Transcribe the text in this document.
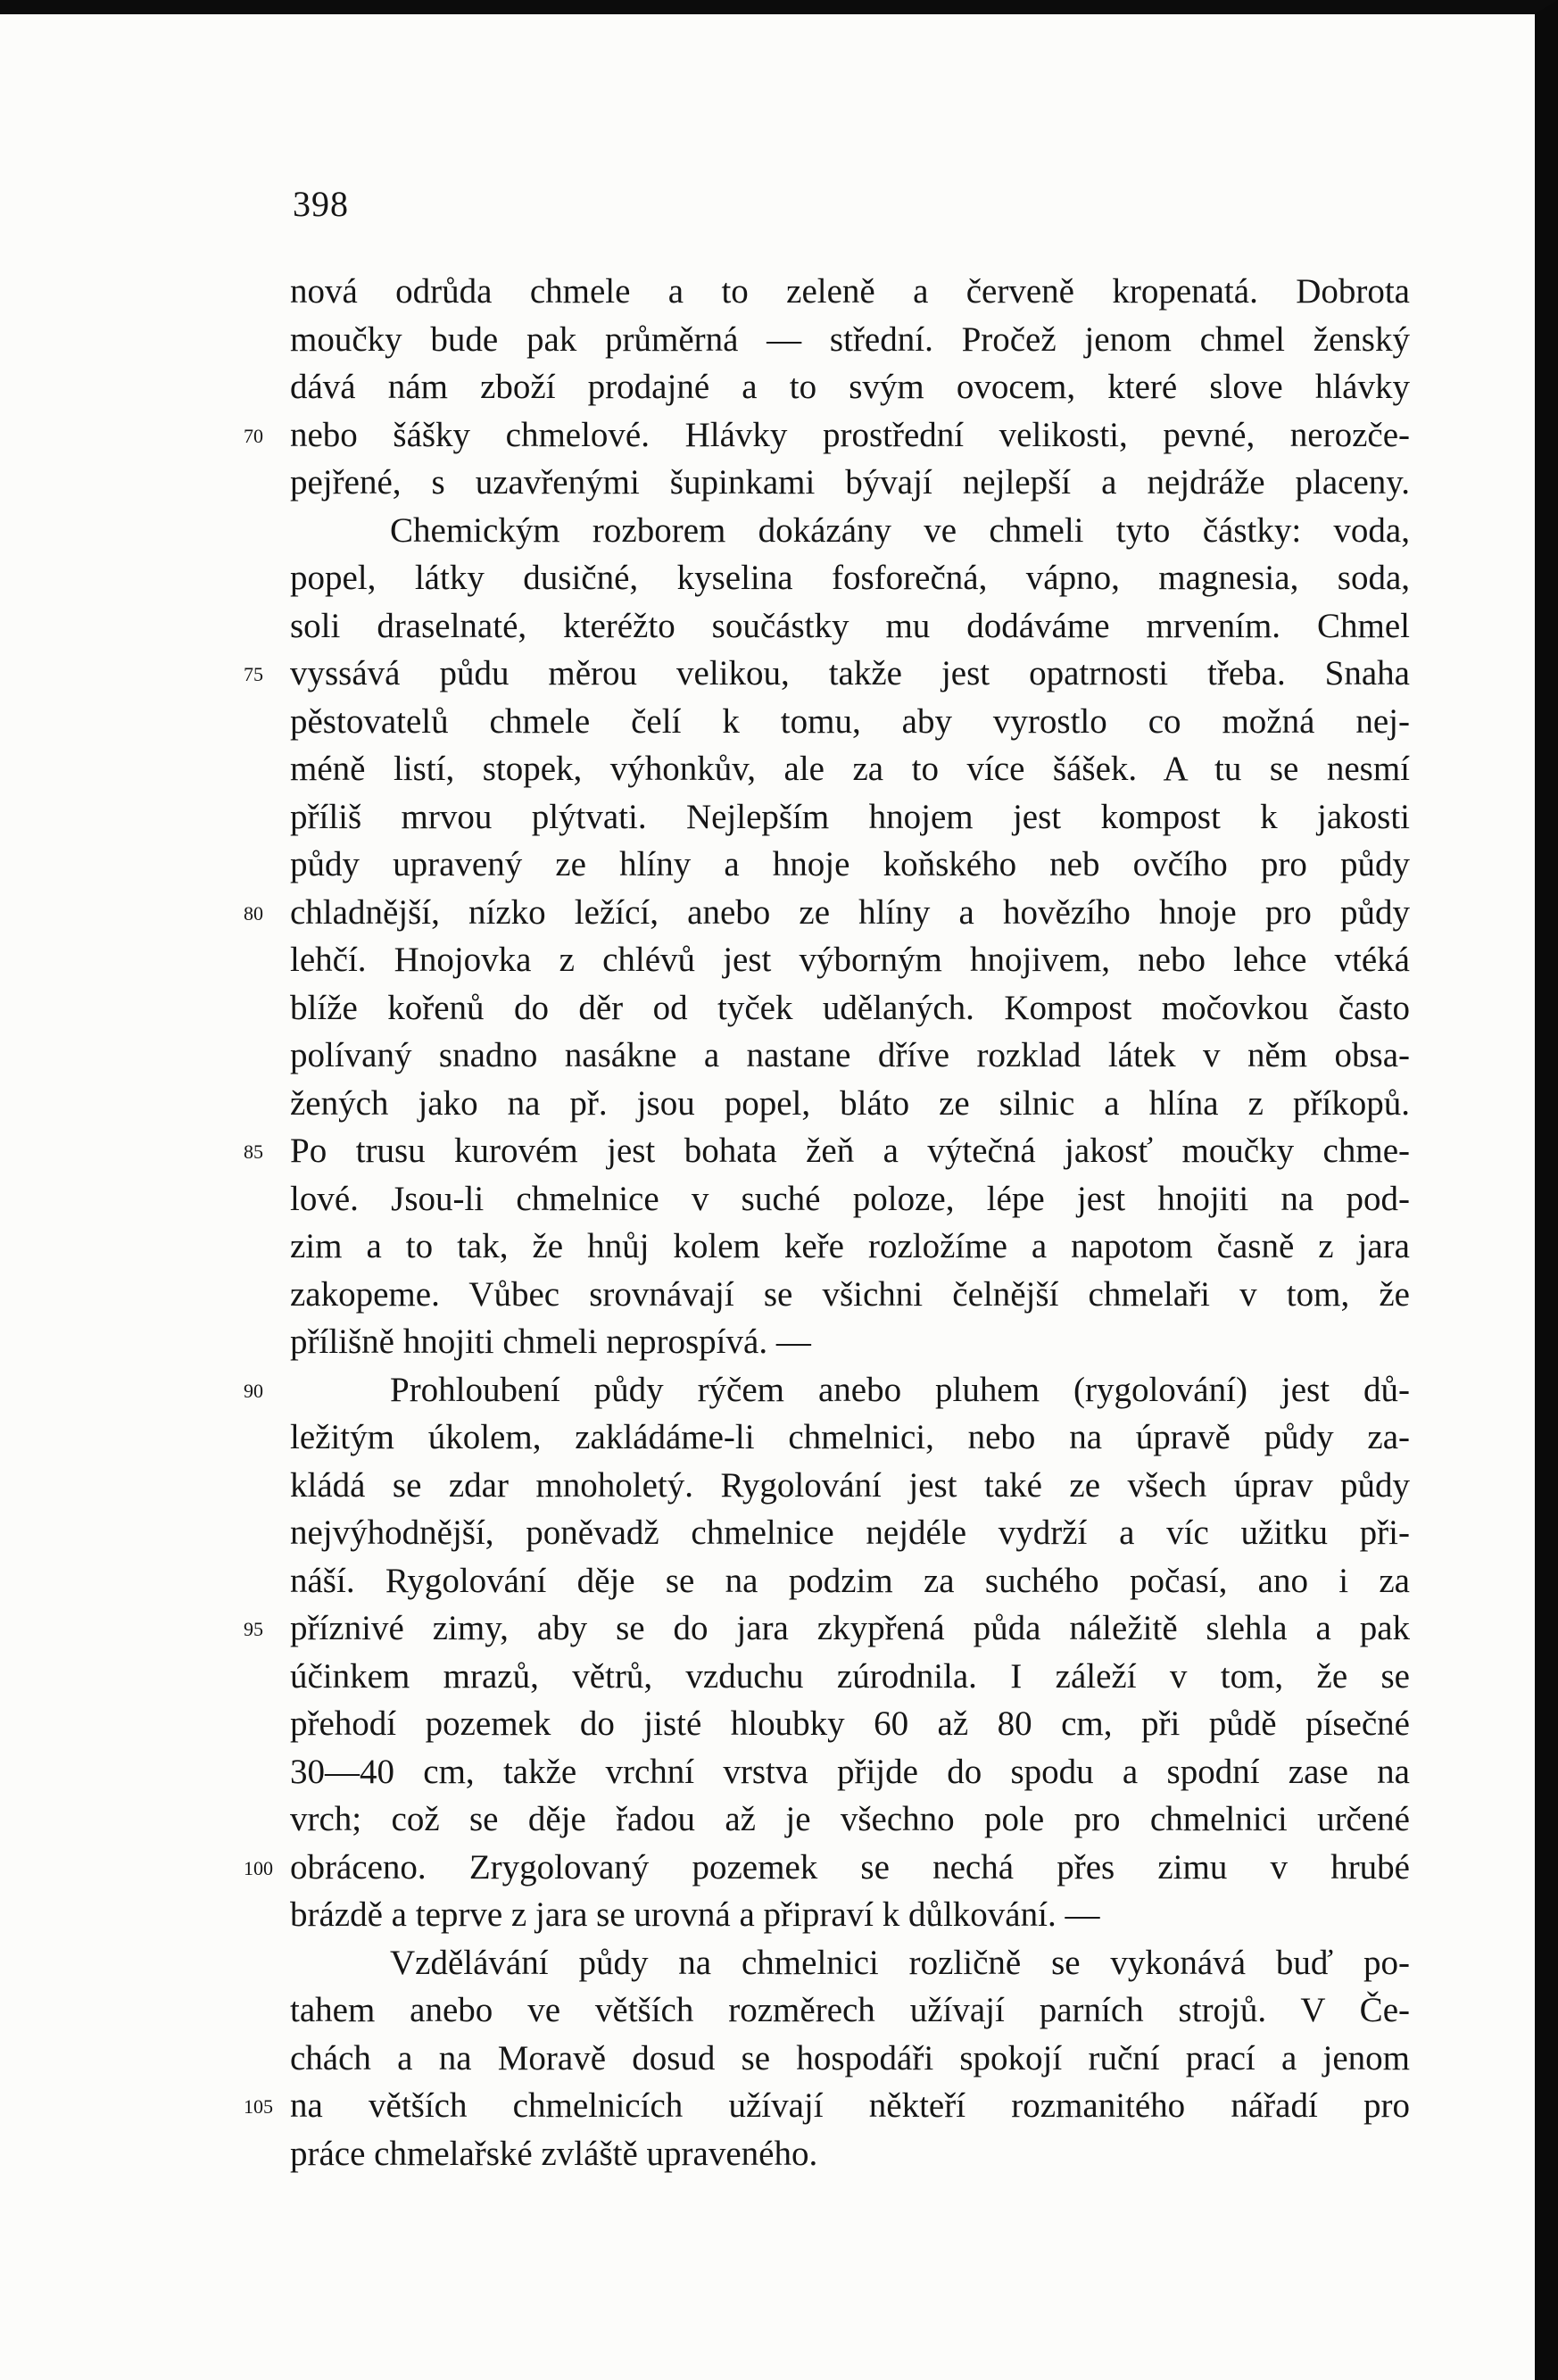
398
nová odrůda chmele a to zeleně a červeně kropenatá. Dobrota
moučky bude pak průměrná — střední. Pročež jenom chmel ženský
dává nám zboží prodajné a to svým ovocem, které slove hlávky
70 nebo šášky chmelové. Hlávky prostřední velikosti, pevné, nerozče-
pejřené, s uzavřenými šupinkami bývají nejlepší a nejdráže placeny.
Chemickým rozborem dokázány ve chmeli tyto částky: voda,
popel, látky dusičné, kyselina fosforečná, vápno, magnesia, soda,
soli draselnaté, kteréžto součástky mu dodáváme mrvením. Chmel
75 vyssává půdu měrou velikou, takže jest opatrnosti třeba. Snaha
pěstovatelů chmele čelí k tomu, aby vyrostlo co možná nej-
méně listí, stopek, výhonkův, ale za to více šášek. A tu se nesmí
příliš mrvou plýtvati. Nejlepším hnojem jest kompost k jakosti
půdy upravený ze hlíny a hnoje koňského neb ovčího pro půdy
80 chladnější, nízko ležící, anebo ze hlíny a hovězího hnoje pro půdy
lehčí. Hnojovka z chlévů jest výborným hnojivem, nebo lehce vtéká
blíže kořenů do děr od tyček udělaných. Kompost močovkou často
polívaný snadno nasákne a nastane dříve rozklad látek v něm obsa-
žených jako na př. jsou popel, bláto ze silnic a hlína z příkopů.
85 Po trusu kurovém jest bohata žeň a výtečná jakosť moučky chme-
lové. Jsou-li chmelnice v suché poloze, lépe jest hnojiti na pod-
zim a to tak, že hnůj kolem keře rozložíme a napotom časně z jara
zakopeme. Vůbec srovnávají se všichni čelnější chmelaři v tom, že
přílišně hnojiti chmeli neprospívá. —
90	Prohloubení půdy rýčem anebo pluhem (rygolování) jest dů-
ležitým úkolem, zakládáme-li chmelnici, nebo na úpravě půdy za-
kládá se zdar mnoholetý. Rygolování jest také ze všech úprav půdy
nejvýhodnější, poněvadž chmelnice nejdéle vydrží a víc užitku při-
náší. Rygolování děje se na podzim za suchého počasí, ano i za
95 příznivé zimy, aby se do jara zkypřená půda náležitě slehla a pak
účinkem mrazů, větrů, vzduchu zúrodnila. I záleží v tom, že se
přehodí pozemek do jisté hloubky 60 až 80 cm, při půdě písečné
30—40 cm, takže vrchní vrstva přijde do spodu a spodní zase na
vrch; což se děje řadou až je všechno pole pro chmelnici určené
100 obráceno. Zrygolovaný pozemek se nechá přes zimu v hrubé
brázdě a teprve z jara se urovná a připraví k důlkování. —
Vzdělávání půdy na chmelnici rozličně se vykonává buď po-
tahem anebo ve větších rozměrech užívají parních strojů. V Če-
chách a na Moravě dosud se hospodáři spokojí ruční prací a jenom
105 na větších chmelnicích užívají někteří rozmanitého nářadí pro
práce chmelařské zvláště upraveného.
